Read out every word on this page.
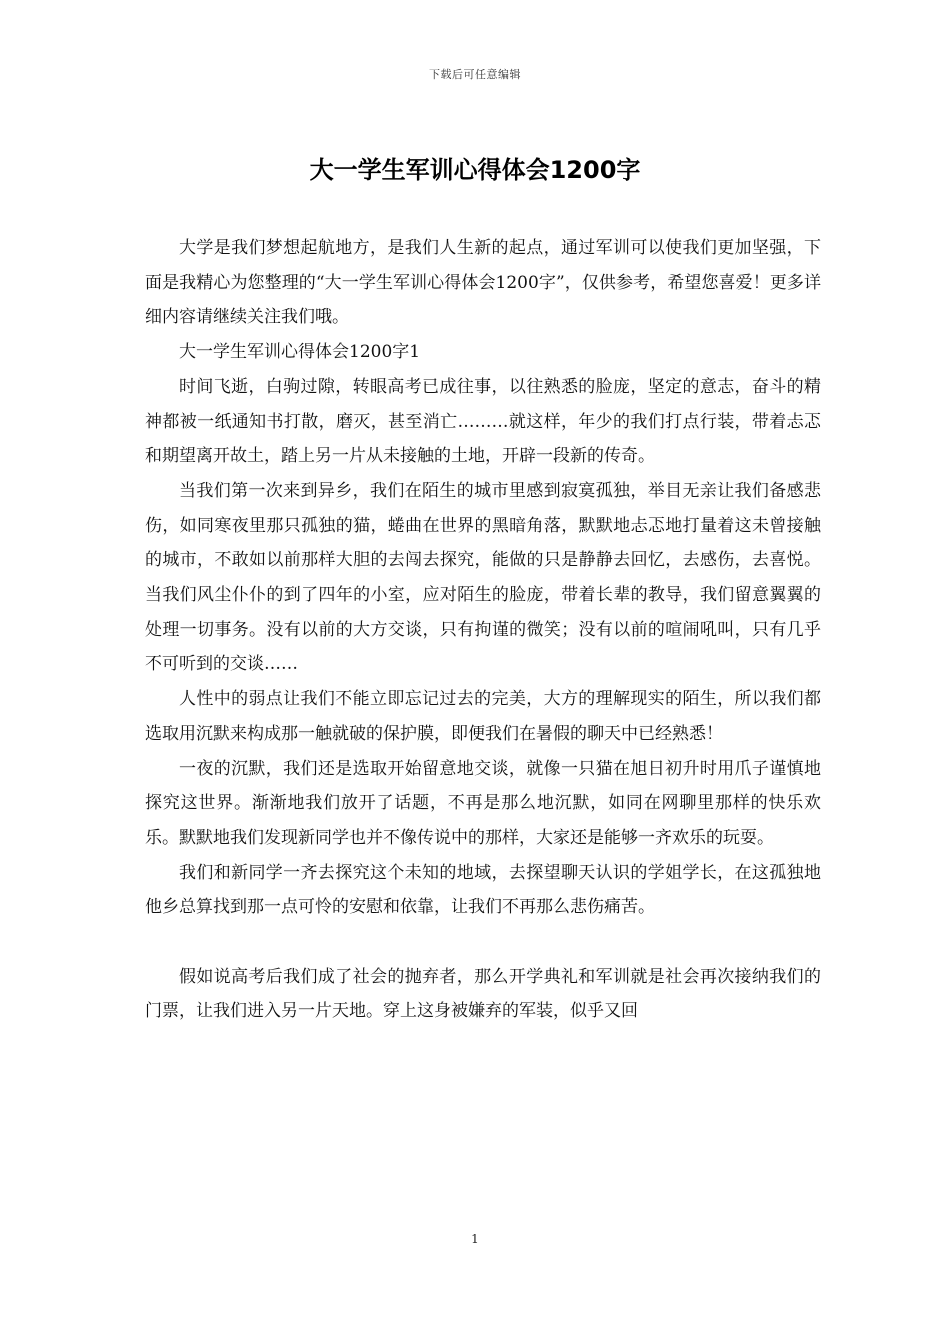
下载后可任意编辑
大一学生军训心得体会1200字

大学是我们梦想起航地方，是我们人生新的起点，通过军训可以使我们更加坚强，下面是我精心为您整理的“大一学生军训心得体会1200字”，仅供参考，希望您喜爱！更多详细内容请继续关注我们哦。

大一学生军训心得体会1200字1

时间飞逝，白驹过隙，转眼高考已成往事，以往熟悉的脸庞，坚定的意志，奋斗的精神都被一纸通知书打散，磨灭，甚至消亡………就这样，年少的我们打点行装，带着忐忑和期望离开故土，踏上另一片从未接触的土地，开辟一段新的传奇。

当我们第一次来到异乡，我们在陌生的城市里感到寂寞孤独，举目无亲让我们备感悲伤，如同寒夜里那只孤独的猫，蜷曲在世界的黑暗角落，默默地忐忑地打量着这未曾接触的城市，不敢如以前那样大胆的去闯去探究，能做的只是静静去回忆，去感伤，去喜悦。当我们风尘仆仆的到了四年的小室，应对陌生的脸庞，带着长辈的教导，我们留意翼翼的处理一切事务。没有以前的大方交谈，只有拘谨的微笑；没有以前的喧闹吼叫，只有几乎不可听到的交谈……

人性中的弱点让我们不能立即忘记过去的完美，大方的理解现实的陌生，所以我们都选取用沉默来构成那一触就破的保护膜，即便我们在暑假的聊天中已经熟悉！

一夜的沉默，我们还是选取开始留意地交谈，就像一只猫在旭日初升时用爪子谨慎地探究这世界。渐渐地我们放开了话题，不再是那么地沉默，如同在网聊里那样的快乐欢乐。默默地我们发现新同学也并不像传说中的那样，大家还是能够一齐欢乐的玩耍。

我们和新同学一齐去探究这个未知的地域，去探望聊天认识的学姐学长，在这孤独地他乡总算找到那一点可怜的安慰和依靠，让我们不再那么悲伤痛苦。

假如说高考后我们成了社会的抛弃者，那么开学典礼和军训就是社会再次接纳我们的门票，让我们进入另一片天地。穿上这身被嫌弃的军装，似乎又回

1
